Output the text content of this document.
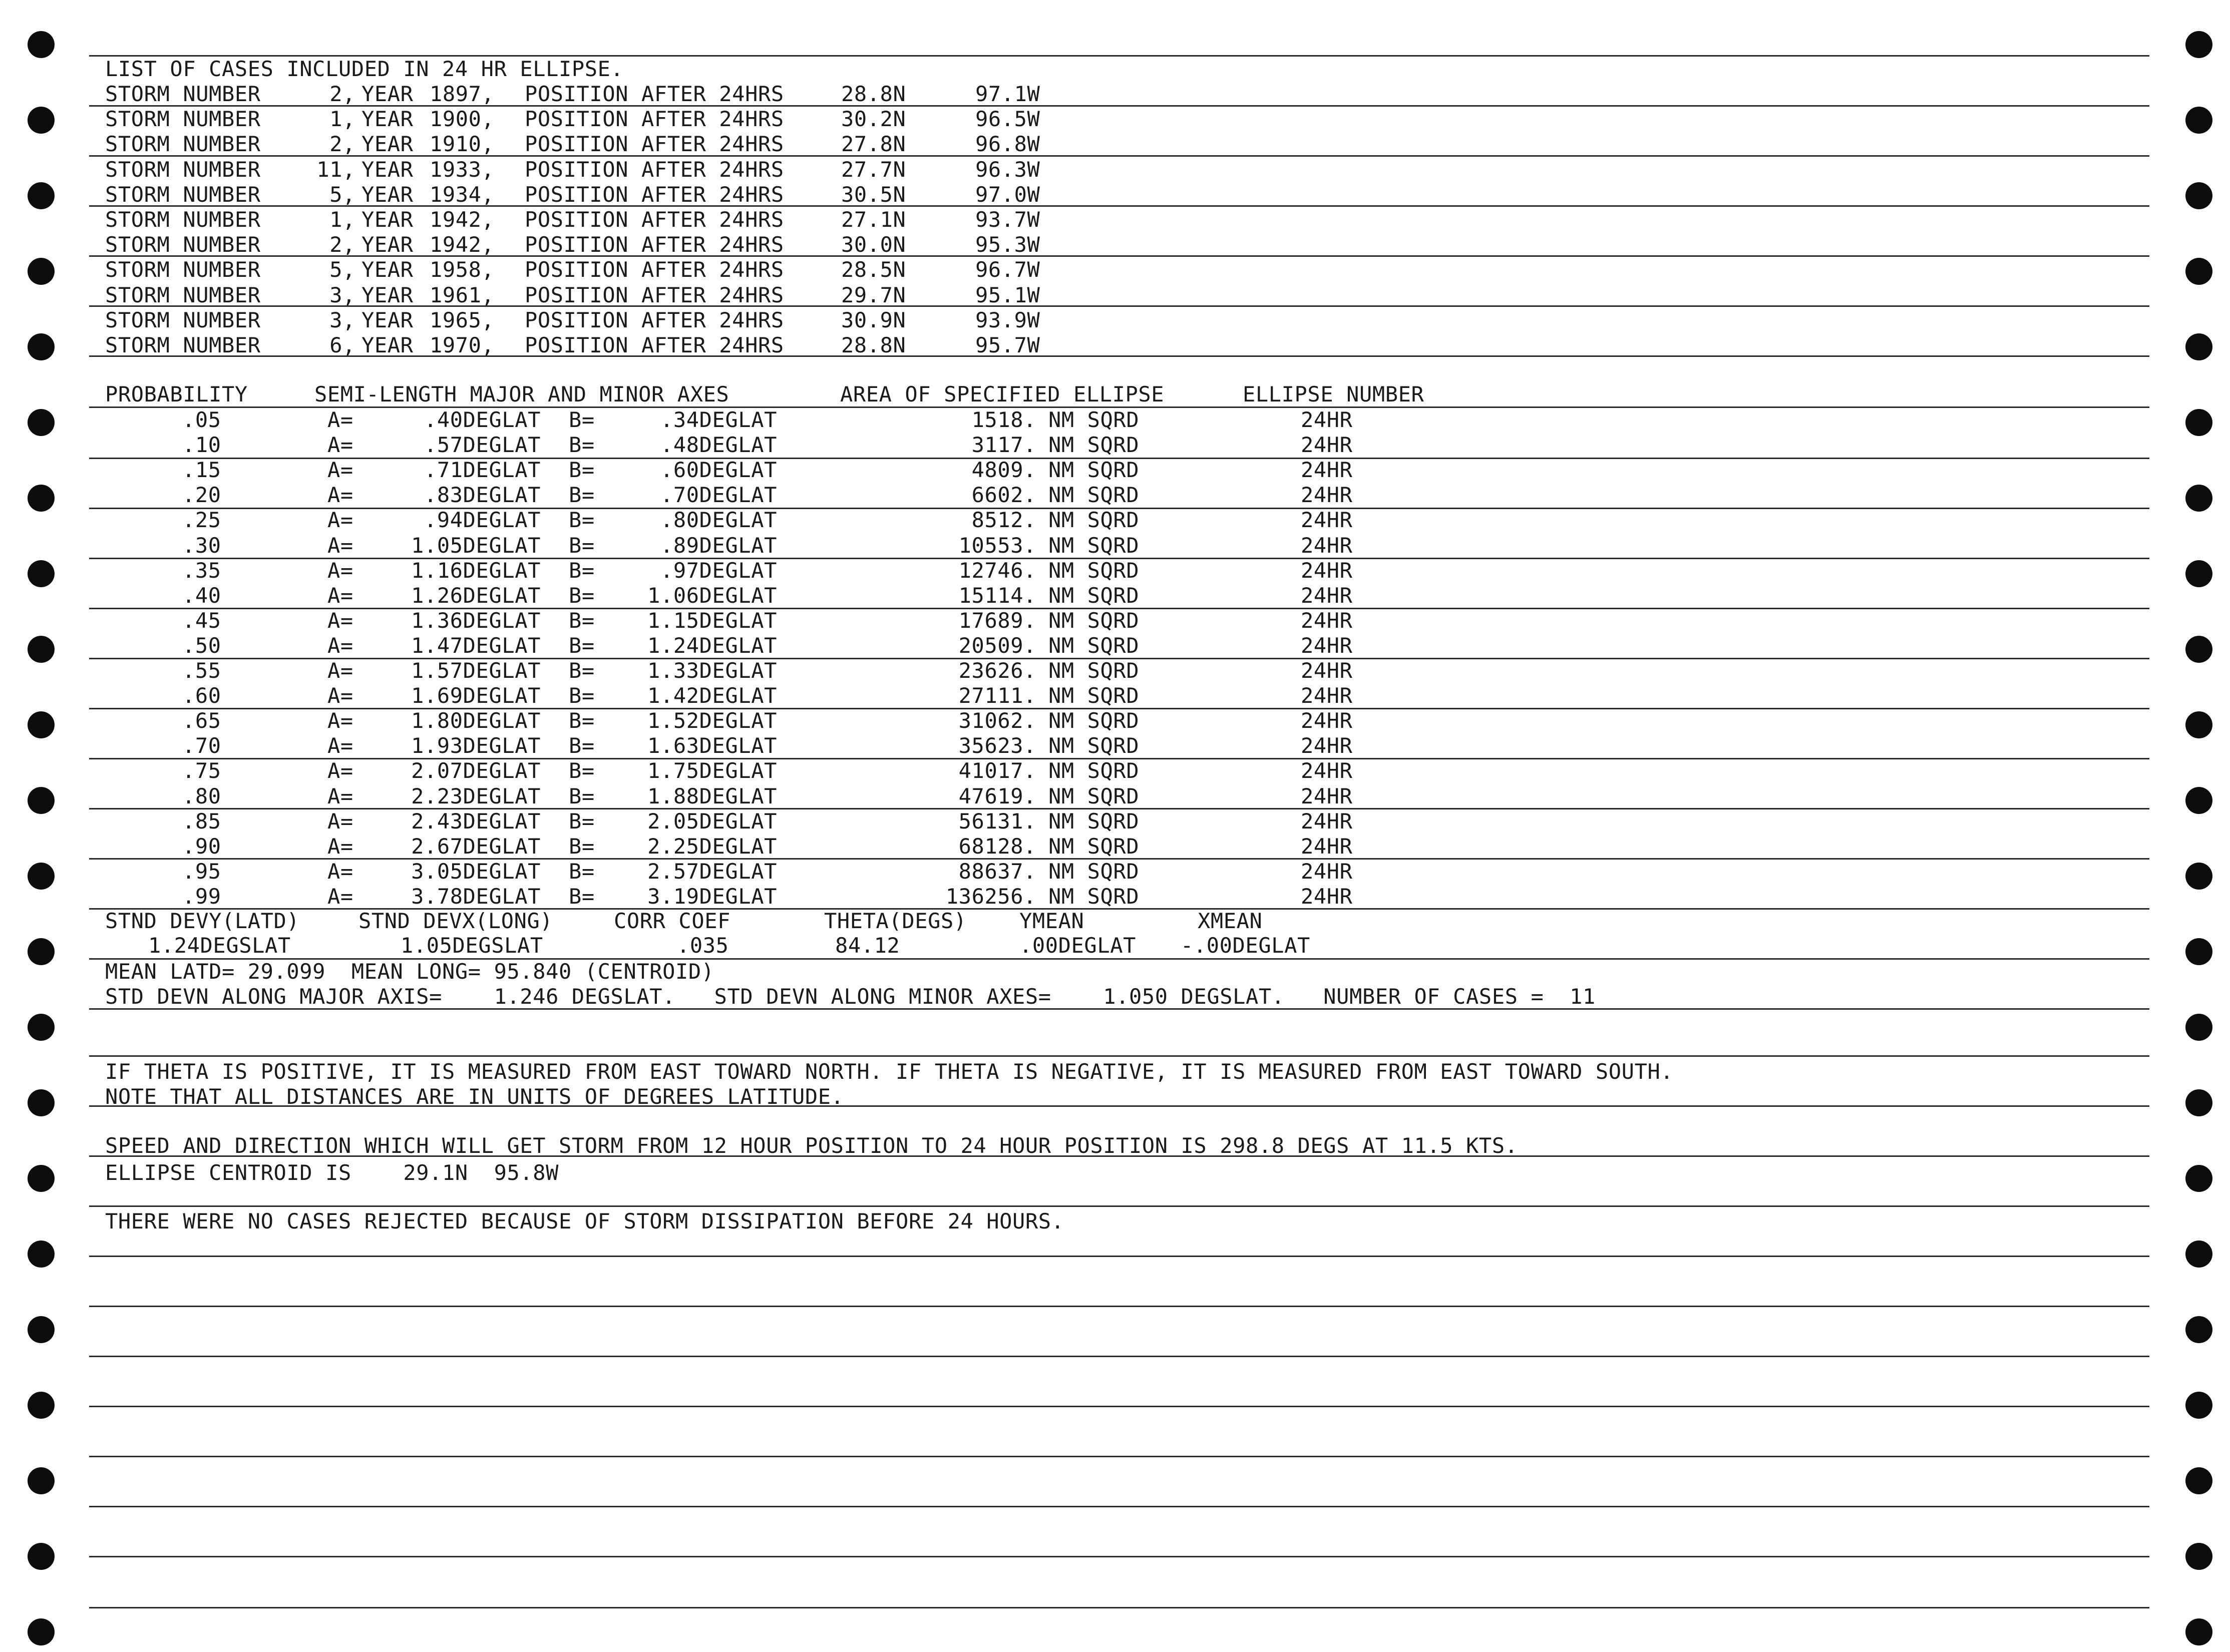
LIST OF CASES INCLUDED IN 24 HR ELLIPSE.
STORM NUMBER	2, YEAR 1897, POSITION AFTER 24HRS	28.8N	97.1W
STORM NUMBER	1, YEAR 1900, POSITION AFTER 24HRS	30.2N	96.5W
STORM NUMBER	2, YEAR 1910, POSITION AFTER 24HRS	27.8N	96.8W
STORM NUMBER	11, YEAR 1933, POSITION AFTER 24HRS	27.7N	96.3W
STORM NUMBER	5, YEAR 1934, POSITION AFTER 24HRS	30.5N	97.0W
STORM NUMBER	1, YEAR 1942, POSITION AFTER 24HRS	27.1N	93.7W
STORM NUMBER	2, YEAR 1942, POSITION AFTER 24HRS	30.0N	95.3W
STORM NUMBER	5, YEAR 1958, POSITION AFTER 24HRS	28.5N	96.7W
STORM NUMBER	3, YEAR 1961, POSITION AFTER 24HRS	29.7N	95.1W
STORM NUMBER	3, YEAR 1965, POSITION AFTER 24HRS	30.9N	93.9W
STORM NUMBER	6, YEAR 1970, POSITION AFTER 24HRS	28.8N	95.7W
PROBABILITY	SEMI-LENGTH MAJOR AND MINOR AXES	AREA OF SPECIFIED ELLIPSE	ELLIPSE NUMBER
.05	A=	.40DEGLAT B=	.34DEGLAT	1518. NM SQRD	24HR
.10	A=	.57DEGLAT B=	.48DEGLAT	3117. NM SQRD	24HR
.15	A=	.71DEGLAT B=	.60DEGLAT	4809. NM SQRD	24HR
.20	A=	.83DEGLAT B=	.70DEGLAT	6602. NM SQRD	24HR
.25	A=	.94DEGLAT B=	.80DEGLAT	8512. NM SQRD	24HR
.30	A=	1.05DEGLAT B=	.89DEGLAT	10553. NM SQRD	24HR
.35	A=	1.16DEGLAT B=	.97DEGLAT	12746. NM SQRD	24HR
.40	A=	1.26DEGLAT B=	1.06DEGLAT	15114. NM SQRD	24HR
.45	A=	1.36DEGLAT B=	1.15DEGLAT	17689. NM SQRD	24HR
.50	A=	1.47DEGLAT B=	1.24DEGLAT	20509. NM SQRD	24HR
.55	A=	1.57DEGLAT B=	1.33DEGLAT	23626. NM SQRD	24HR
.60	A=	1.69DEGLAT B=	1.42DEGLAT	27111. NM SQRD	24HR
.65	A=	1.80DEGLAT B=	1.52DEGLAT	31062. NM SQRD	24HR
.70	A=	1.93DEGLAT B=	1.63DEGLAT	35623. NM SQRD	24HR
.75	A=	2.07DEGLAT B=	1.75DEGLAT	41017. NM SQRD	24HR
.80	A=	2.23DEGLAT B=	1.88DEGLAT	47619. NM SQRD	24HR
.85	A=	2.43DEGLAT B=	2.05DEGLAT	56131. NM SQRD	24HR
.90	A=	2.67DEGLAT B=	2.25DEGLAT	68128. NM SQRD	24HR
.95	A=	3.05DEGLAT B=	2.57DEGLAT	88637. NM SQRD	24HR
.99	A=	3.78DEGLAT B=	3.19DEGLAT	136256. NM SQRD	24HR
STND DEVY(LATD)	STND DEVX(LONG)	CORR COEF	THETA(DEGS)	YMEAN	XMEAN
1.24DEGSLAT	1.05DEGSLAT	.035	84.12	.00DEGLAT -.00DEGLAT
MEAN LATD= 29.099  MEAN LONG= 95.840 (CENTROID)
STD DEVN ALONG MAJOR AXIS=    1.246 DEGSLAT.   STD DEVN ALONG MINOR AXES=    1.050 DEGSLAT.   NUMBER OF CASES =  11
IF THETA IS POSITIVE, IT IS MEASURED FROM EAST TOWARD NORTH. IF THETA IS NEGATIVE, IT IS MEASURED FROM EAST TOWARD SOUTH.
NOTE THAT ALL DISTANCES ARE IN UNITS OF DEGREES LATITUDE.
SPEED AND DIRECTION WHICH WILL GET STORM FROM 12 HOUR POSITION TO 24 HOUR POSITION IS 298.8 DEGS AT 11.5 KTS.
ELLIPSE CENTROID IS    29.1N  95.8W
THERE WERE NO CASES REJECTED BECAUSE OF STORM DISSIPATION BEFORE 24 HOURS.
